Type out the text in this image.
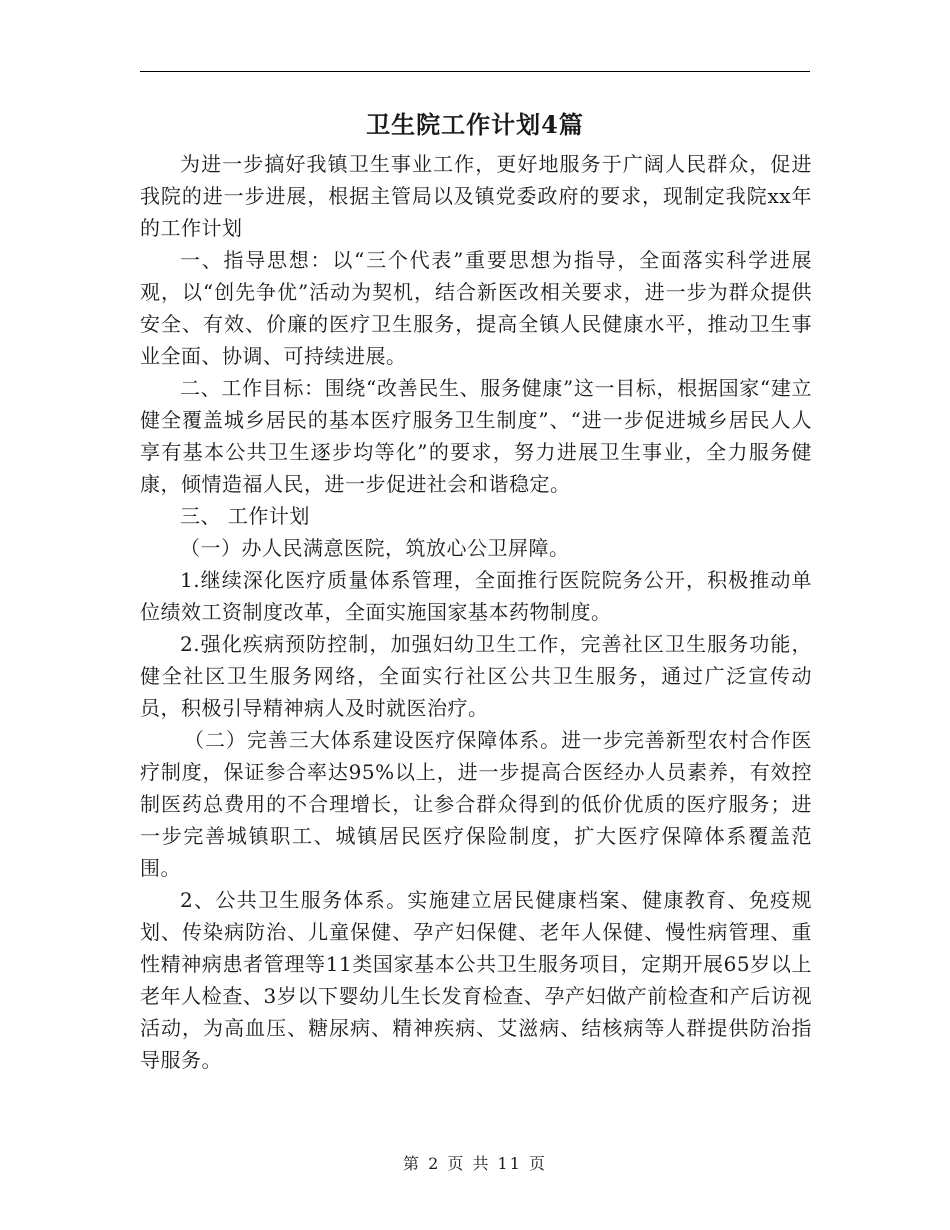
卫生院工作计划4篇

为进一步搞好我镇卫生事业工作，更好地服务于广阔人民群众，促进我院的进一步进展，根据主管局以及镇党委政府的要求，现制定我院xx年的工作计划

一、指导思想：以“三个代表”重要思想为指导，全面落实科学进展观，以“创先争优”活动为契机，结合新医改相关要求，进一步为群众提供安全、有效、价廉的医疗卫生服务，提高全镇人民健康水平，推动卫生事业全面、协调、可持续进展。

二、工作目标：围绕“改善民生、服务健康”这一目标，根据国家“建立健全覆盖城乡居民的基本医疗服务卫生制度”、“进一步促进城乡居民人人享有基本公共卫生逐步均等化”的要求，努力进展卫生事业，全力服务健康，倾情造福人民，进一步促进社会和谐稳定。

三、 工作计划

（一）办人民满意医院，筑放心公卫屏障。

1.继续深化医疗质量体系管理，全面推行医院院务公开，积极推动单位绩效工资制度改革，全面实施国家基本药物制度。

2.强化疾病预防控制，加强妇幼卫生工作，完善社区卫生服务功能，健全社区卫生服务网络，全面实行社区公共卫生服务，通过广泛宣传动员，积极引导精神病人及时就医治疗。

（二）完善三大体系建设医疗保障体系。进一步完善新型农村合作医疗制度，保证参合率达95%以上，进一步提高合医经办人员素养，有效控制医药总费用的不合理增长，让参合群众得到的低价优质的医疗服务；进一步完善城镇职工、城镇居民医疗保险制度，扩大医疗保障体系覆盖范围。

2、公共卫生服务体系。实施建立居民健康档案、健康教育、免疫规划、传染病防治、儿童保健、孕产妇保健、老年人保健、慢性病管理、重性精神病患者管理等11类国家基本公共卫生服务项目，定期开展65岁以上老年人检查、3岁以下婴幼儿生长发育检查、孕产妇做产前检查和产后访视活动，为高血压、糖尿病、精神疾病、艾滋病、结核病等人群提供防治指导服务。

第 2 页 共 11 页
